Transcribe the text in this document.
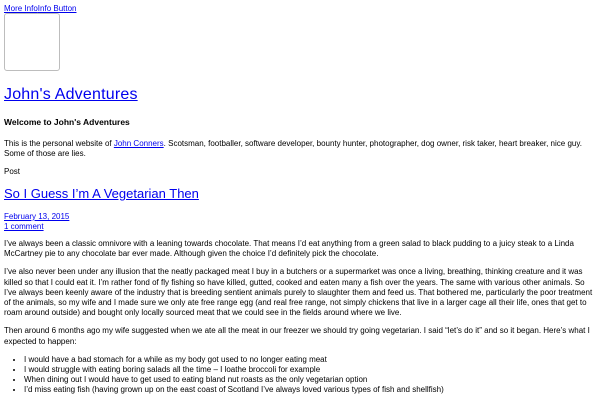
More InfoInfo Button
John's Adventures
Welcome to John's Adventures

This is the personal website of John Conners. Scotsman, footballer, software developer, bounty hunter, photographer, dog owner, risk taker, heart breaker, nice guy. Some of those are lies.

Post
So I Guess I’m A Vegetarian Then
February 13, 2015
1 comment

I’ve always been a classic omnivore with a leaning towards chocolate. That means I’d eat anything from a green salad to black pudding to a juicy steak to a Linda McCartney pie to any chocolate bar ever made. Although given the choice I’d definitely pick the chocolate.

I’ve also never been under any illusion that the neatly packaged meat I buy in a butchers or a supermarket was once a living, breathing, thinking creature and it was killed so that I could eat it. I’m rather fond of fly fishing so have killed, gutted, cooked and eaten many a fish over the years. The same with various other animals. So I’ve always been keenly aware of the industry that is breeding sentient animals purely to slaughter them and feed us. That bothered me, particularly the poor treatment of the animals, so my wife and I made sure we only ate free range egg (and real free range, not simply chickens that live in a larger cage all their life, ones that get to roam around outside) and bought only locally sourced meat that we could see in the fields around where we live.

Then around 6 months ago my wife suggested when we ate all the meat in our freezer we should try going vegetarian. I said “let’s do it” and so it began. Here’s what I expected to happen:

• I would have a bad stomach for a while as my body got used to no longer eating meat
• I would struggle with eating boring salads all the time – I loathe broccoli for example
• When dining out I would have to get used to eating bland nut roasts as the only vegetarian option
• I’d miss eating fish (having grown up on the east coast of Scotland I’ve always loved various types of fish and shellfish)
